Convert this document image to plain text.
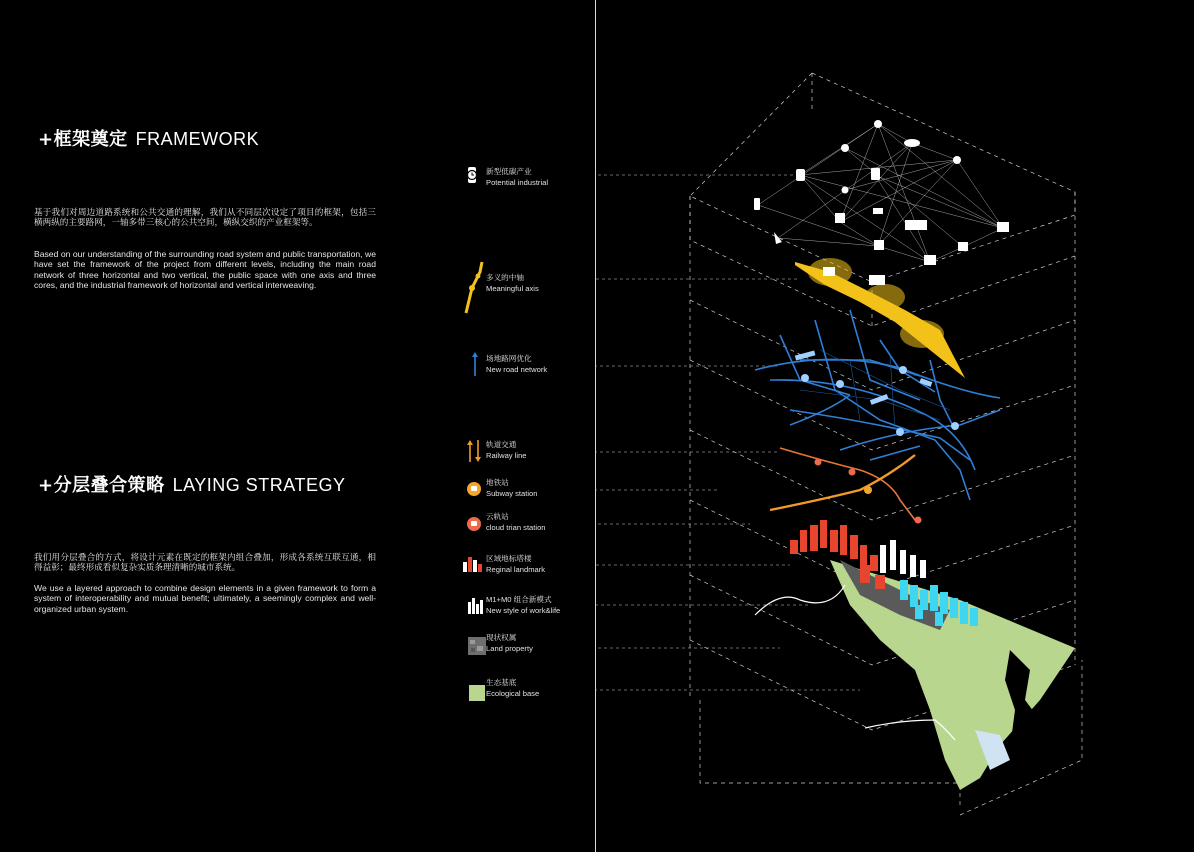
+框架奠定 FRAMEWORK
基于我们对周边道路系统和公共交通的理解，我们从不同层次设定了项目的框架，包括三横两纵的主要路网，一轴多带三核心的公共空间，横纵交织的产业框架等。
Based on our understanding of the surrounding road system and public transportation, we have set the framework of the project from different levels, including the main road network of three horizontal and two vertical, the public space with one axis and three cores, and the industrial framework of horizontal and vertical interweaving.
+分层叠合策略 LAYING STRATEGY
我们用分层叠合的方式，将设计元素在既定的框架内组合叠加，形成各系统互联互通，相得益彰；最终形成看似复杂实质条理清晰的城市系统。
We use a layered approach to combine design elements in a given framework to form a system of interoperability and mutual benefit; ultimately, a seemingly complex and well-organized urban system.
新型低碳产业
Potential industrial
多义的中轴
Meaningful axis
场地路网优化
New road network
轨道交通
Railway line
地铁站
Subway station
云轨站
cloud trian station
区域地标塔楼
Reginal landmark
M1+M0 组合新模式
New style of work&life
现状权属
Land property
生态基底
Ecological base
